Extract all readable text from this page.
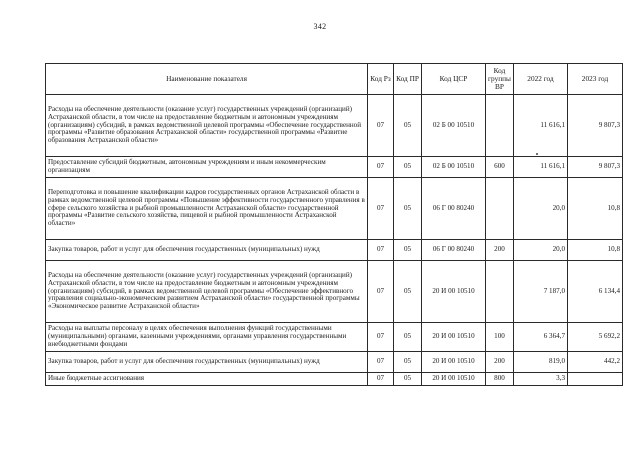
342
Наименование показателя	Код Рз	Код ПР	Код ЦСР	Код группы ВР	2022 год	2023 год
Расходы на обеспечение деятельности (оказание услуг) государственных учреждений (организаций) Астраханской области, в том числе на предоставление бюджетным и автономным учреждениям (организациям) субсидий, в рамках ведомственной целевой программы «Обеспечение государственной программы «Развитие образования Астраханской области» государственной программы «Развитие образования Астраханской области»	07	05	02 Б 00 10510		11 616,1	9 807,3
Предоставление субсидий бюджетным, автономным учреждениям и иным некоммерческим организациям	07	05	02 Б 00 10510	600	11 616,1	9 807,3
Переподготовка и повышение квалификации кадров государственных органов Астраханской области в рамках ведомственной целевой программы «Повышение эффективности государственного управления в сфере сельского хозяйства и рыбной промышленности Астраханской области» государственной программы «Развитие сельского хозяйства, пищевой и рыбной промышленности Астраханской области»	07	05	06 Г 00 80240		20,0	10,8
Закупка товаров, работ и услуг для обеспечения государственных (муниципальных) нужд	07	05	06 Г 00 80240	200	20,0	10,8
Расходы на обеспечение деятельности (оказание услуг) государственных учреждений (организаций) Астраханской области, в том числе на предоставление бюджетным и автономным учреждениям (организациям) субсидий, в рамках ведомственной целевой программы «Обеспечение эффективного управления социально-экономическим развитием Астраханской области» государственной программы «Экономическое развитие Астраханской области»	07	05	20 И 00 10510		7 187,0	6 134,4
Расходы на выплаты персоналу в целях обеспечения выполнения функций государственными (муниципальными) органами, казенными учреждениями, органами управления государственными внебюджетными фондами	07	05	20 И 00 10510	100	6 364,7	5 692,2
Закупка товаров, работ и услуг для обеспечения государственных (муниципальных) нужд	07	05	20 И 00 10510	200	819,0	442,2
Иные бюджетные ассигнования	07	05	20 И 00 10510	800	3,3	
